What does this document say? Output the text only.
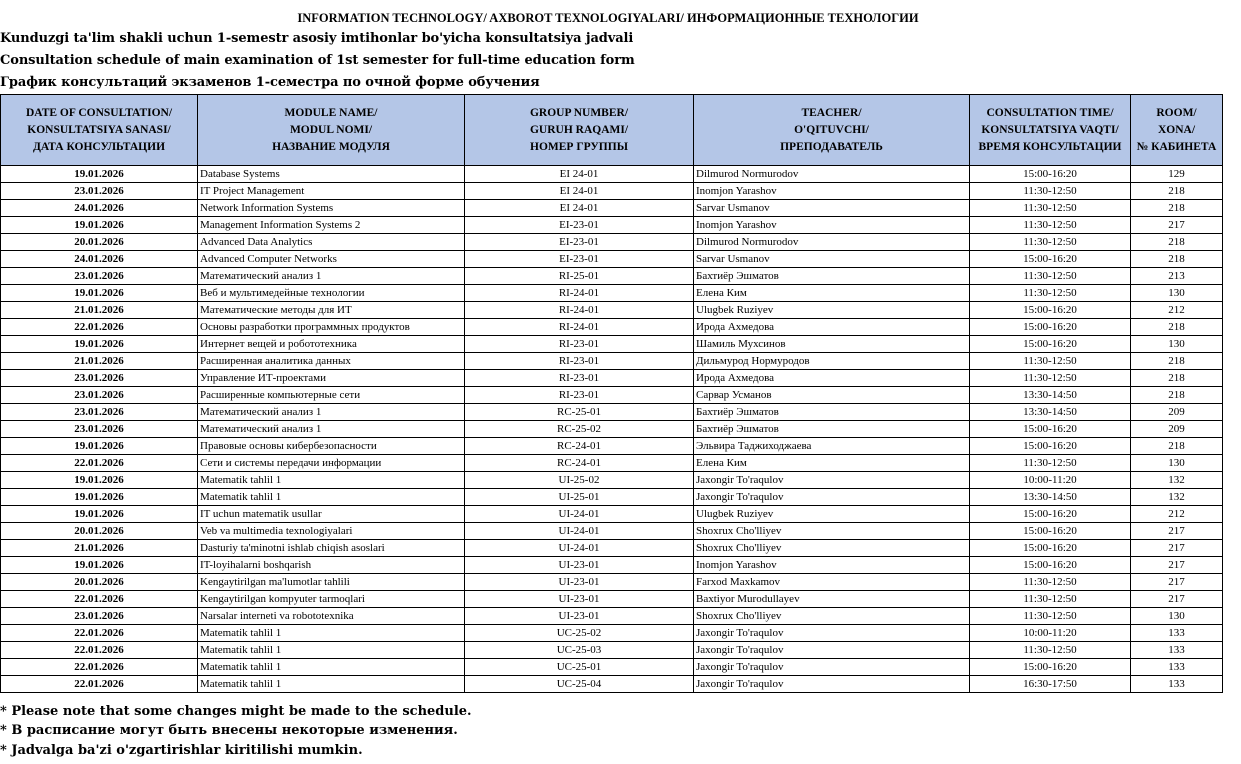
INFORMATION TECHNOLOGY/ AXBOROT TEXNOLOGIYALARI/ ИНФОРМАЦИОННЫЕ ТЕХНОЛОГИИ
Kunduzgi ta'lim shakli uchun 1-semestr asosiy imtihonlar bo'yicha konsultatsiya jadvali
Consultation schedule of main examination of 1st semester for full-time education form
График консультаций экзаменов 1-семестра по очной форме обучения
DATE OF CONSULTATION/
KONSULTATSIYA SANASI/
ДАТА КОНСУЛЬТАЦИИ	MODULE NAME/
MODUL NOMI/
НАЗВАНИЕ МОДУЛЯ	GROUP NUMBER/
GURUH RAQAMI/
НОМЕР ГРУППЫ	TEACHER/
O'QITUVCHI/
ПРЕПОДАВАТЕЛЬ	CONSULTATION TIME/
KONSULTATSIYA VAQTI/
ВРЕМЯ КОНСУЛЬТАЦИИ	ROOM/
XONA/
№ КАБИНЕТА

19.01.2026	Database Systems	EI 24-01	Dilmurod Normurodov	15:00-16:20	129
23.01.2026	IT Project Management	EI 24-01	Inomjon Yarashov	11:30-12:50	218
24.01.2026	Network Information Systems	EI 24-01	Sarvar Usmanov	11:30-12:50	218
19.01.2026	Management Information Systems 2	EI-23-01	Inomjon Yarashov	11:30-12:50	217
20.01.2026	Advanced Data Analytics	EI-23-01	Dilmurod Normurodov	11:30-12:50	218
24.01.2026	Advanced Computer Networks	EI-23-01	Sarvar Usmanov	15:00-16:20	218
23.01.2026	Математический анализ 1	RI-25-01	Бахтиёр Эшматов	11:30-12:50	213
19.01.2026	Веб и мультимедейные технологии	RI-24-01	Елена Ким	11:30-12:50	130
21.01.2026	Математические методы для ИТ	RI-24-01	Ulugbek Ruziyev	15:00-16:20	212
22.01.2026	Основы разработки программных продуктов	RI-24-01	Ирода Ахмедова	15:00-16:20	218
19.01.2026	Интернет вещей и робототехника	RI-23-01	Шамиль Мухсинов	15:00-16:20	130
21.01.2026	Расширенная аналитика данных	RI-23-01	Дильмурод Нормуродов	11:30-12:50	218
23.01.2026	Управление ИТ-проектами	RI-23-01	Ирода Ахмедова	11:30-12:50	218
23.01.2026	Расширенные компьютерные сети	RI-23-01	Сарвар Усманов	13:30-14:50	218
23.01.2026	Математический анализ 1	RC-25-01	Бахтиёр Эшматов	13:30-14:50	209
23.01.2026	Математический анализ 1	RC-25-02	Бахтиёр Эшматов	15:00-16:20	209
19.01.2026	Правовые основы кибербезопасности	RC-24-01	Эльвира Таджиходжаева	15:00-16:20	218
22.01.2026	Сети и системы передачи информации	RC-24-01	Елена Ким	11:30-12:50	130
19.01.2026	Matematik tahlil 1	UI-25-02	Jaxongir To'raqulov	10:00-11:20	132
19.01.2026	Matematik tahlil 1	UI-25-01	Jaxongir To'raqulov	13:30-14:50	132
19.01.2026	IT uchun matematik usullar	UI-24-01	Ulugbek Ruziyev	15:00-16:20	212
20.01.2026	Veb va multimedia texnologiyalari	UI-24-01	Shoxrux Cho'lliyev	15:00-16:20	217
21.01.2026	Dasturiy ta'minotni ishlab chiqish asoslari	UI-24-01	Shoxrux Cho'lliyev	15:00-16:20	217
19.01.2026	IT-loyihalarni boshqarish	UI-23-01	Inomjon Yarashov	15:00-16:20	217
20.01.2026	Kengaytirilgan ma'lumotlar tahlili	UI-23-01	Farxod Maxkamov	11:30-12:50	217
22.01.2026	Kengaytirilgan kompyuter tarmoqlari	UI-23-01	Baxtiyor Murodullayev	11:30-12:50	217
23.01.2026	Narsalar interneti va robototexnika	UI-23-01	Shoxrux Cho'lliyev	11:30-12:50	130
22.01.2026	Matematik tahlil 1	UC-25-02	Jaxongir To'raqulov	10:00-11:20	133
22.01.2026	Matematik tahlil 1	UC-25-03	Jaxongir To'raqulov	11:30-12:50	133
22.01.2026	Matematik tahlil 1	UC-25-01	Jaxongir To'raqulov	15:00-16:20	133
22.01.2026	Matematik tahlil 1	UC-25-04	Jaxongir To'raqulov	16:30-17:50	133
* Please note that some changes might be made to the schedule.
* В расписание могут быть внесены некоторые изменения.
* Jadvalga ba'zi o'zgartirishlar kiritilishi mumkin.
